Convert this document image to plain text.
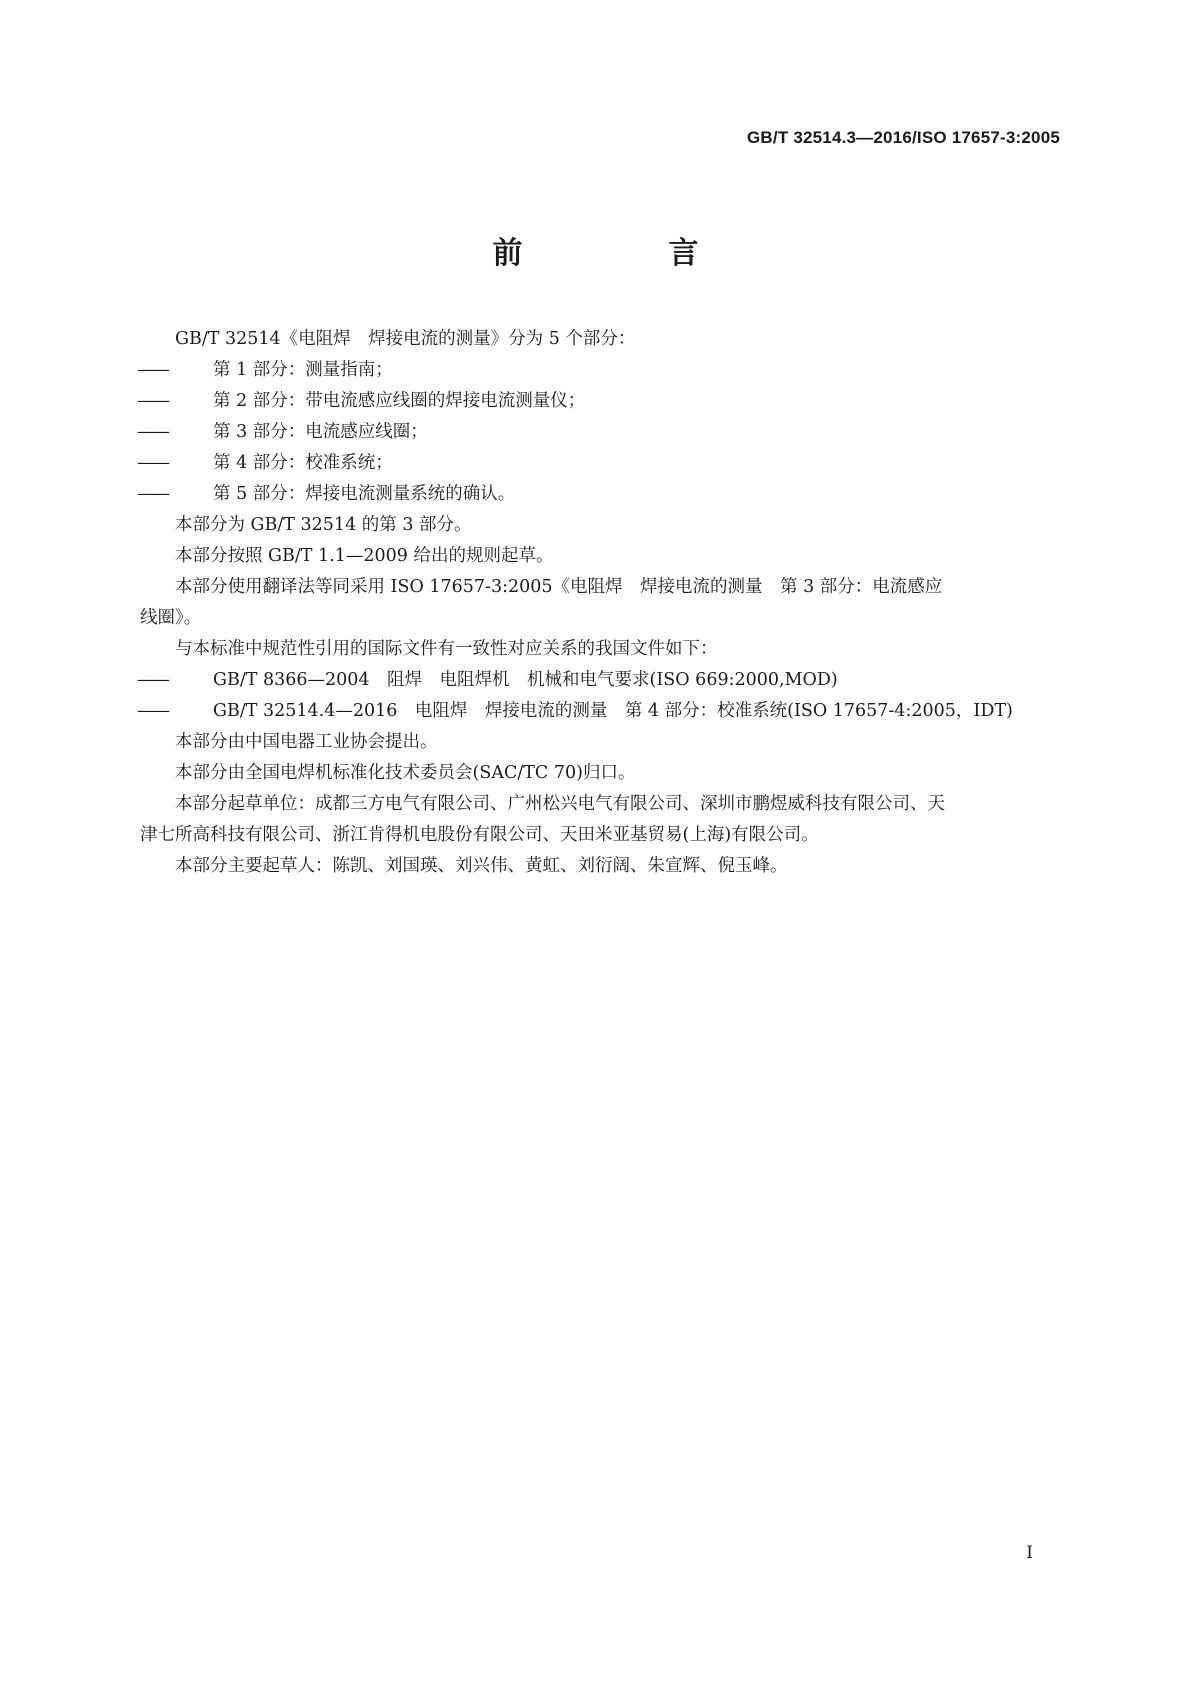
GB/T 32514.3—2016/ISO 17657-3:2005
前　言

GB/T 32514《电阻焊　焊接电流的测量》分为 5 个部分：

——	第 1 部分：测量指南；

——	第 2 部分：带电流感应线圈的焊接电流测量仪；

——	第 3 部分：电流感应线圈；

——	第 4 部分：校准系统；

——	第 5 部分：焊接电流测量系统的确认。

本部分为 GB/T 32514 的第 3 部分。

本部分按照 GB/T 1.1—2009 给出的规则起草。

本部分使用翻译法等同采用 ISO 17657-3:2005《电阻焊　焊接电流的测量　第 3 部分：电流感应

线圈》。

与本标准中规范性引用的国际文件有一致性对应关系的我国文件如下：

——	GB/T 8366—2004　阻焊　电阻焊机　机械和电气要求(ISO 669:2000,MOD)

——	GB/T 32514.4—2016　电阻焊　焊接电流的测量　第 4 部分：校准系统(ISO 17657-4:2005，IDT)

本部分由中国电器工业协会提出。

本部分由全国电焊机标准化技术委员会(SAC/TC 70)归口。

本部分起草单位：成都三方电气有限公司、广州松兴电气有限公司、深圳市鹏煜威科技有限公司、天

津七所高科技有限公司、浙江肯得机电股份有限公司、天田米亚基贸易(上海)有限公司。

本部分主要起草人：陈凯、刘国瑛、刘兴伟、黄虹、刘衍阔、朱宣辉、倪玉峰。

I
